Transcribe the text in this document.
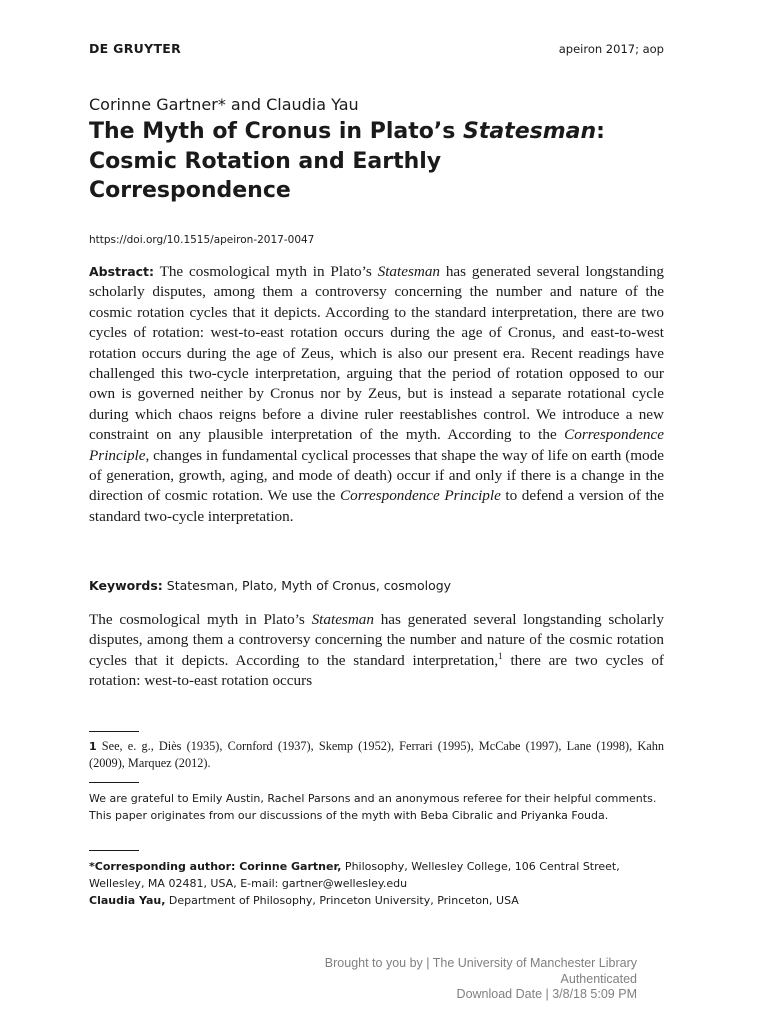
DE GRUYTER	apeiron 2017; aop
Corinne Gartner* and Claudia Yau
The Myth of Cronus in Plato’s Statesman:
Cosmic Rotation and Earthly
Correspondence
https://doi.org/10.1515/apeiron-2017-0047

Abstract: The cosmological myth in Plato’s Statesman has generated several longstanding scholarly disputes, among them a controversy concerning the number and nature of the cosmic rotation cycles that it depicts. According to the standard interpretation, there are two cycles of rotation: west-to-east rotation occurs during the age of Cronus, and east-to-west rotation occurs during the age of Zeus, which is also our present era. Recent readings have challenged this two-cycle interpretation, arguing that the period of rotation opposed to our own is governed neither by Cronus nor by Zeus, but is instead a separate rotational cycle during which chaos reigns before a divine ruler reestablishes control. We introduce a new constraint on any plausible interpretation of the myth. According to the Correspondence Principle, changes in fundamental cyclical processes that shape the way of life on earth (mode of generation, growth, aging, and mode of death) occur if and only if there is a change in the direction of cosmic rotation. We use the Correspondence Principle to defend a version of the standard two-cycle interpretation.

Keywords: Statesman, Plato, Myth of Cronus, cosmology

The cosmological myth in Plato’s Statesman has generated several longstanding scholarly disputes, among them a controversy concerning the number and nature of the cosmic rotation cycles that it depicts. According to the standard interpretation,$^1$ there are two cycles of rotation: west-to-east rotation occurs

1 See, e. g., Diès (1935), Cornford (1937), Skemp (1952), Ferrari (1995), McCabe (1997), Lane (1998), Kahn (2009), Marquez (2012).

We are grateful to Emily Austin, Rachel Parsons and an anonymous referee for their helpful comments. This paper originates from our discussions of the myth with Beba Cibralic and Priyanka Fouda.

*Corresponding author: Corinne Gartner, Philosophy, Wellesley College, 106 Central Street, Wellesley, MA 02481, USA, E-mail: gartner@wellesley.edu
Claudia Yau, Department of Philosophy, Princeton University, Princeton, USA

Brought to you by | The University of Manchester Library
Authenticated
Download Date | 3/8/18 5:09 PM
